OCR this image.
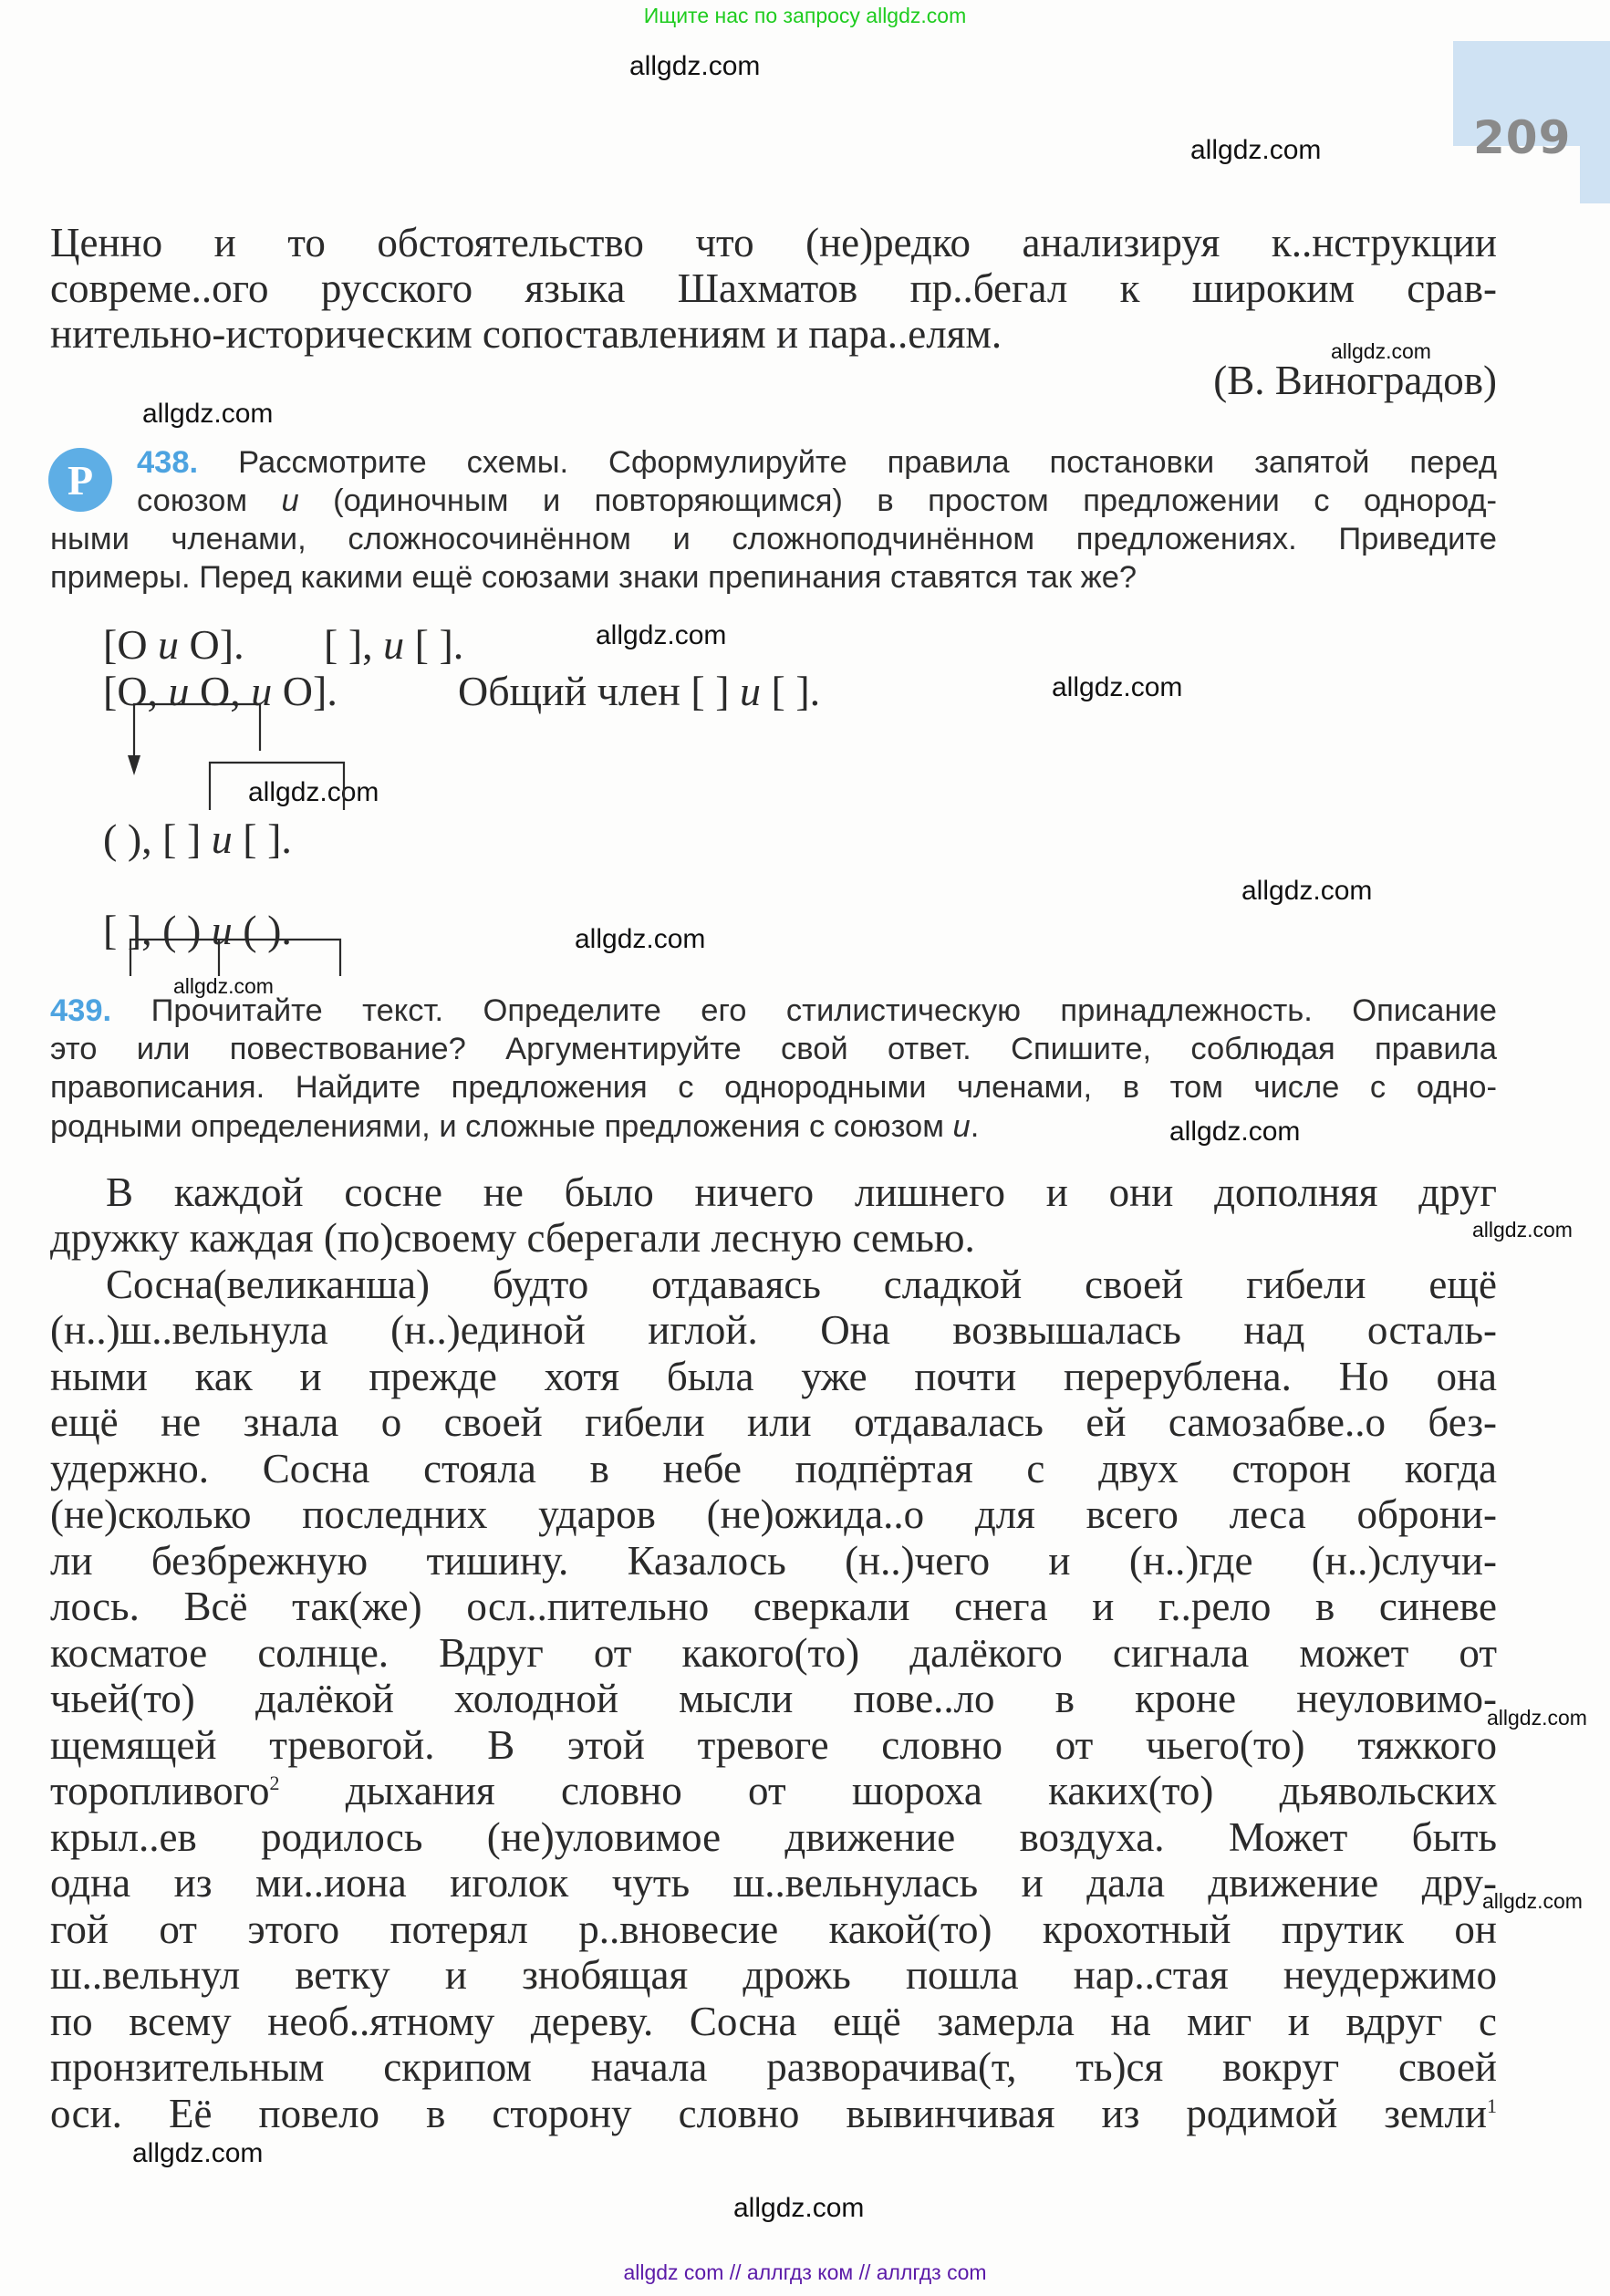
Ищите нас по запросу allgdz.com
209
allgdz.com
allgdz.com
allgdz.com
allgdz.com
allgdz.com
allgdz.com
allgdz.com
allgdz.com
allgdz.com
allgdz.com
allgdz.com
allgdz.com
allgdz.com
allgdz.com
allgdz.com
allgdz.com
Ценно и то обстоятельство что (не)редко анализируя к..нструкции
совреме..ого русского языка Шахматов пр..бегал к широким срав-
нительно-историческим сопоставлениям и пара..елям.
(В. Виноградов)
Р	438. Рассмотрите схемы. Сформулируйте правила постановки запятой перед
союзом и (одиночным и повторяющимся) в простом предложении с однород-
ными членами, сложносочинённом и сложноподчинённом предложениях. Приведите
примеры. Перед какими ещё союзами знаки препинания ставятся так же?
[О и О]. [ ], и [ ].
[О, и О, и О].	Общий член [ ] и [ ].
( ), [ ] и [ ].
[ ], ( ) и ( ).
439. Прочитайте текст. Определите его стилистическую принадлежность. Описание
это или повествование? Аргументируйте свой ответ. Спишите, соблюдая правила
правописания. Найдите предложения с однородными членами, в том числе с одно-
родными определениями, и сложные предложения с союзом и.
В каждой сосне не было ничего лишнего и они дополняя друг
дружку каждая (по)своему сберегали лесную семью.
Сосна(великанша) будто отдаваясь сладкой своей гибели ещё
(н..)ш..вельнула (н..)единой иглой. Она возвышалась над осталь-
ными как и прежде хотя была уже почти перерублена. Но она
ещё не знала о своей гибели или отдавалась ей самозабве..о без-
удержно. Сосна стояла в небе подпёртая с двух сторон когда
(не)сколько последних ударов (не)ожида..о для всего леса оброни-
ли безбрежную тишину. Казалось (н..)чего и (н..)где (н..)случи-
лось. Всё так(же) осл..пительно сверкали снега и г..рело в синеве
косматое солнце. Вдруг от какого(то) далёкого сигнала может от
чьей(то) далёкой холодной мысли пове..ло в кроне неуловимо-
щемящей тревогой. В этой тревоге словно от чьего(то) тяжкого
торопливого$^2$ дыхания словно от шороха каких(то) дьявольских
крыл..ев родилось (не)уловимое движение воздуха. Может быть
одна из ми..иона иголок чуть ш..вельнулась и дала движение дру-
гой от этого потерял р..вновесие какой(то) крохотный прутик он
ш..вельнул ветку и знобящая дрожь пошла нар..стая неудержимо
по всему необ..ятному дереву. Сосна ещё замерла на миг и вдруг с
пронзительным скрипом начала разворачива(т, ть)ся вокруг своей
оси. Её повело в сторону словно вывинчивая из родимой земли$^1$
allgdz com // аллгдз ком // аллгдз com
